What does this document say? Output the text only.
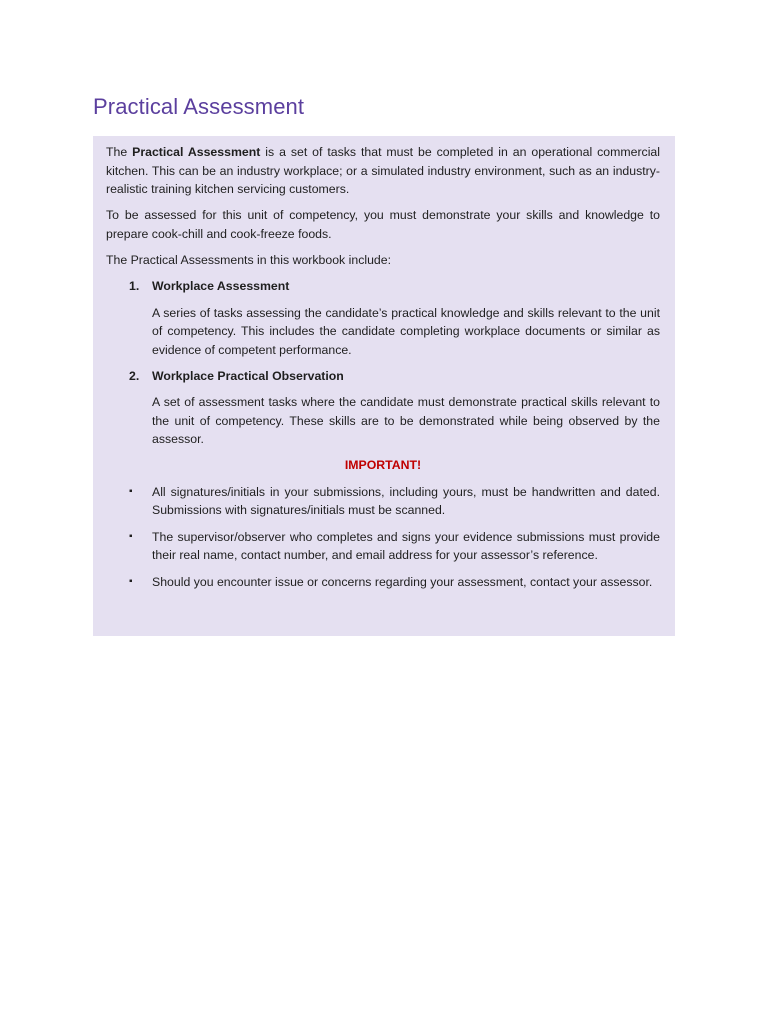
Practical Assessment

The Practical Assessment is a set of tasks that must be completed in an operational commercial kitchen. This can be an industry workplace; or a simulated industry environment, such as an industry-realistic training kitchen servicing customers.

To be assessed for this unit of competency, you must demonstrate your skills and knowledge to prepare cook-chill and cook-freeze foods.

The Practical Assessments in this workbook include:

1.	Workplace Assessment

A series of tasks assessing the candidate’s practical knowledge and skills relevant to the unit of competency. This includes the candidate completing workplace documents or similar as evidence of competent performance.

2.	Workplace Practical Observation

A set of assessment tasks where the candidate must demonstrate practical skills relevant to the unit of competency. These skills are to be demonstrated while being observed by the assessor.

IMPORTANT!

▪	All signatures/initials in your submissions, including yours, must be handwritten and dated. Submissions with signatures/initials must be scanned.
▪	The supervisor/observer who completes and signs your evidence submissions must provide their real name, contact number, and email address for your assessor’s reference.
▪	Should you encounter issue or concerns regarding your assessment, contact your assessor.
